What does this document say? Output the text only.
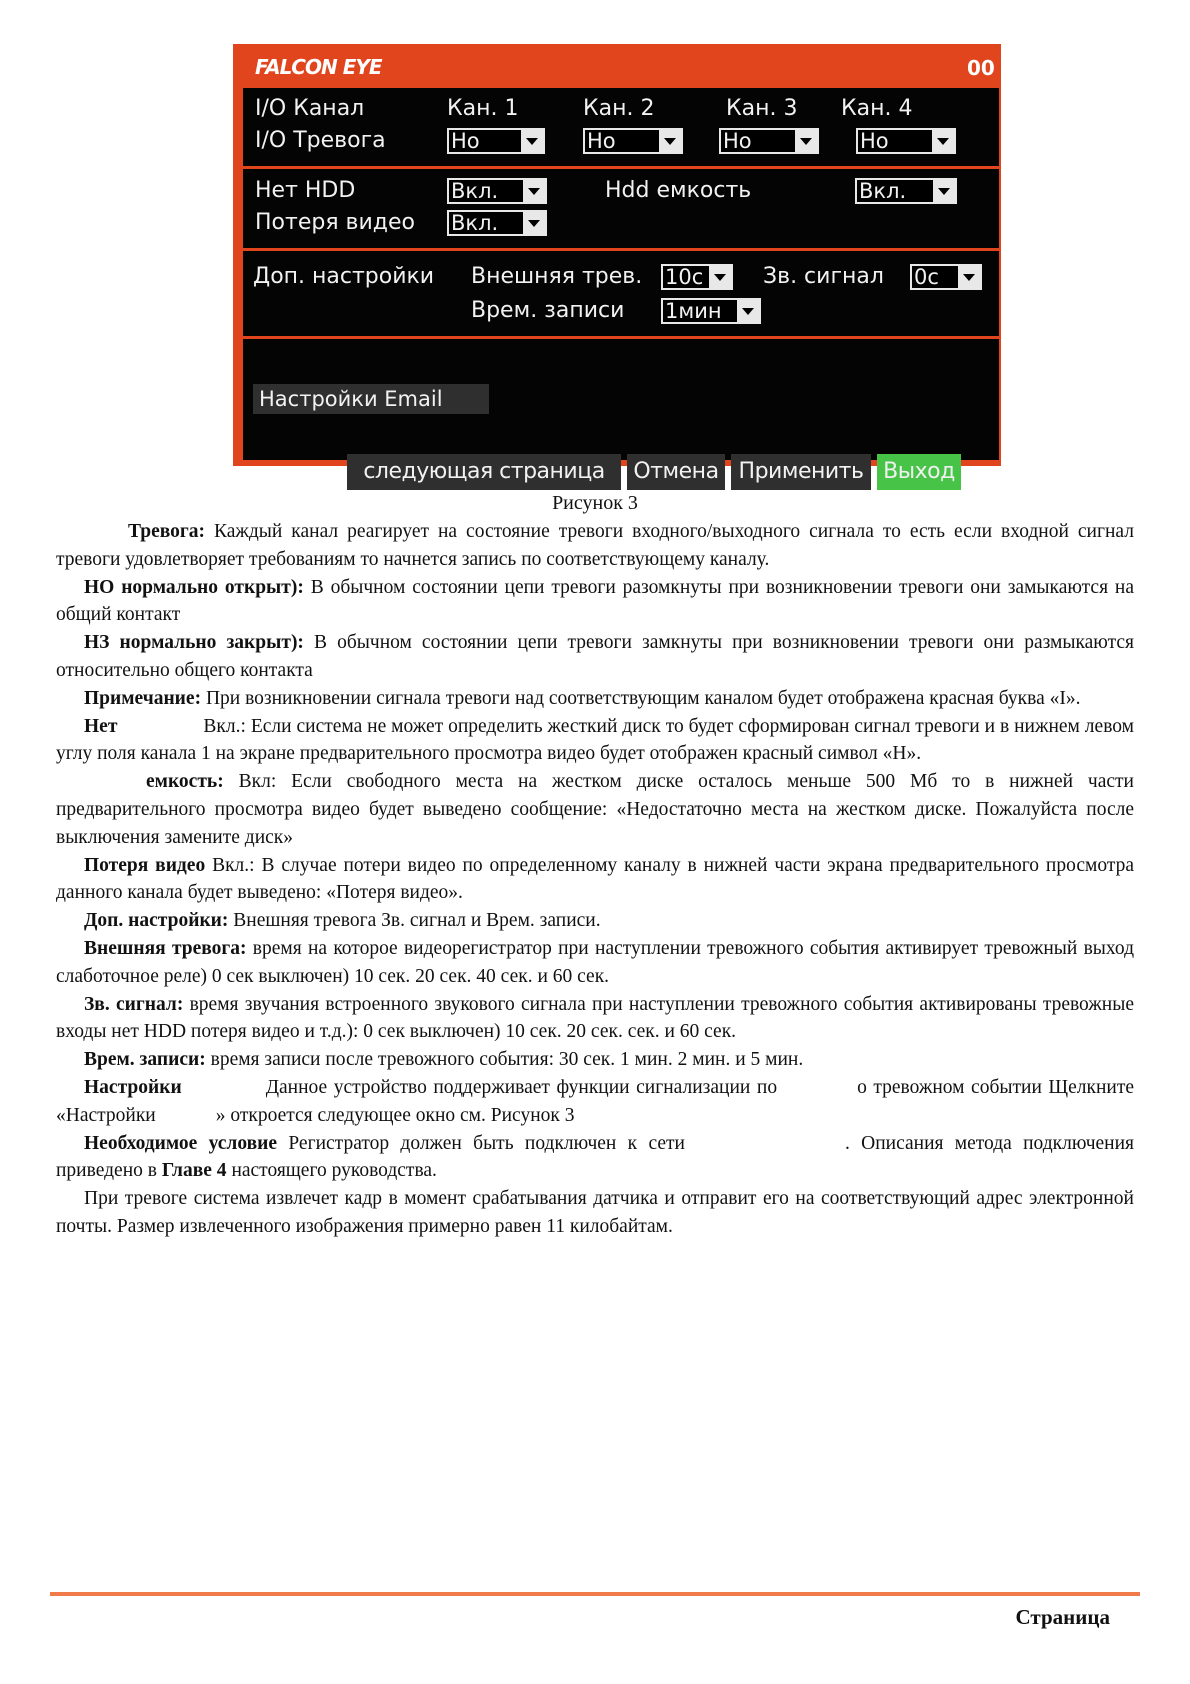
FALCON EYE	00
I/O Канал	Кан. 1	Кан. 2	Кан. 3 Кан. 4
I/O Тревога	Но	Но	Но	Но
Нет HDD	Вкл.	Hdd емкость	Вкл.
Потеря видео Вкл.
Доп. настройки Внешняя трев. 10с	Зв. сигнал 0с
Врем. записи 1мин
Настройки Email
следующая страница	Отмена Применить Выход
Рисунок 3

Тревога: Каждый канал реагирует на состояние тревоги входного/выходного сигнала то есть если входной сигнал тревоги удовлетворяет требованиям то начнется запись по соответствующему каналу.

НО нормально открыт): В обычном состоянии цепи тревоги разомкнуты при возникновении тревоги они замыкаются на общий контакт

НЗ нормально закрыт): В обычном состоянии цепи тревоги замкнуты при возникновении тревоги они размыкаются относительно общего контакта

Примечание: При возникновении сигнала тревоги над соответствующим каналом будет отображена красная буква «I».

Нет	Вкл.: Если система не может определить жесткий диск то будет сформирован сигнал тревоги и в нижнем левом углу поля канала 1 на экране предварительного просмотра видео будет отображен красный символ «H».

емкость: Вкл: Если свободного места на жестком диске осталось меньше 500 Мб то в нижней части предварительного просмотра видео будет выведено сообщение: «Недостаточно места на жестком диске. Пожалуйста после выключения замените диск»

Потеря видео Вкл.: В случае потери видео по определенному каналу в нижней части экрана предварительного просмотра данного канала будет выведено: «Потеря видео».

Доп. настройки: Внешняя тревога Зв. сигнал и Врем. записи.

Внешняя тревога: время на которое видеорегистратор при наступлении тревожного события активирует тревожный выход слаботочное реле) 0 сек выключен) 10 сек. 20 сек. 40 сек. и 60 сек.

Зв. сигнал: время звучания встроенного звукового сигнала при наступлении тревожного события активированы тревожные входы нет HDD потеря видео и т.д.): 0 сек выключен) 10 сек. 20 сек. сек. и 60 сек.

Врем. записи: время записи после тревожного события: 30 сек. 1 мин. 2 мин. и 5 мин.

Настройки	Данное устройство поддерживает функции сигнализации по	о тревожном событии Щелкните «Настройки	» откроется следующее окно см. Рисунок 3

Необходимое условие Регистратор должен быть подключен к сети	. Описания метода подключения приведено в Главе 4 настоящего руководства.

При тревоге система извлечет кадр в момент срабатывания датчика и отправит его на соответствующий адрес электронной почты. Размер извлеченного изображения примерно равен 11 килобайтам.

Страница
